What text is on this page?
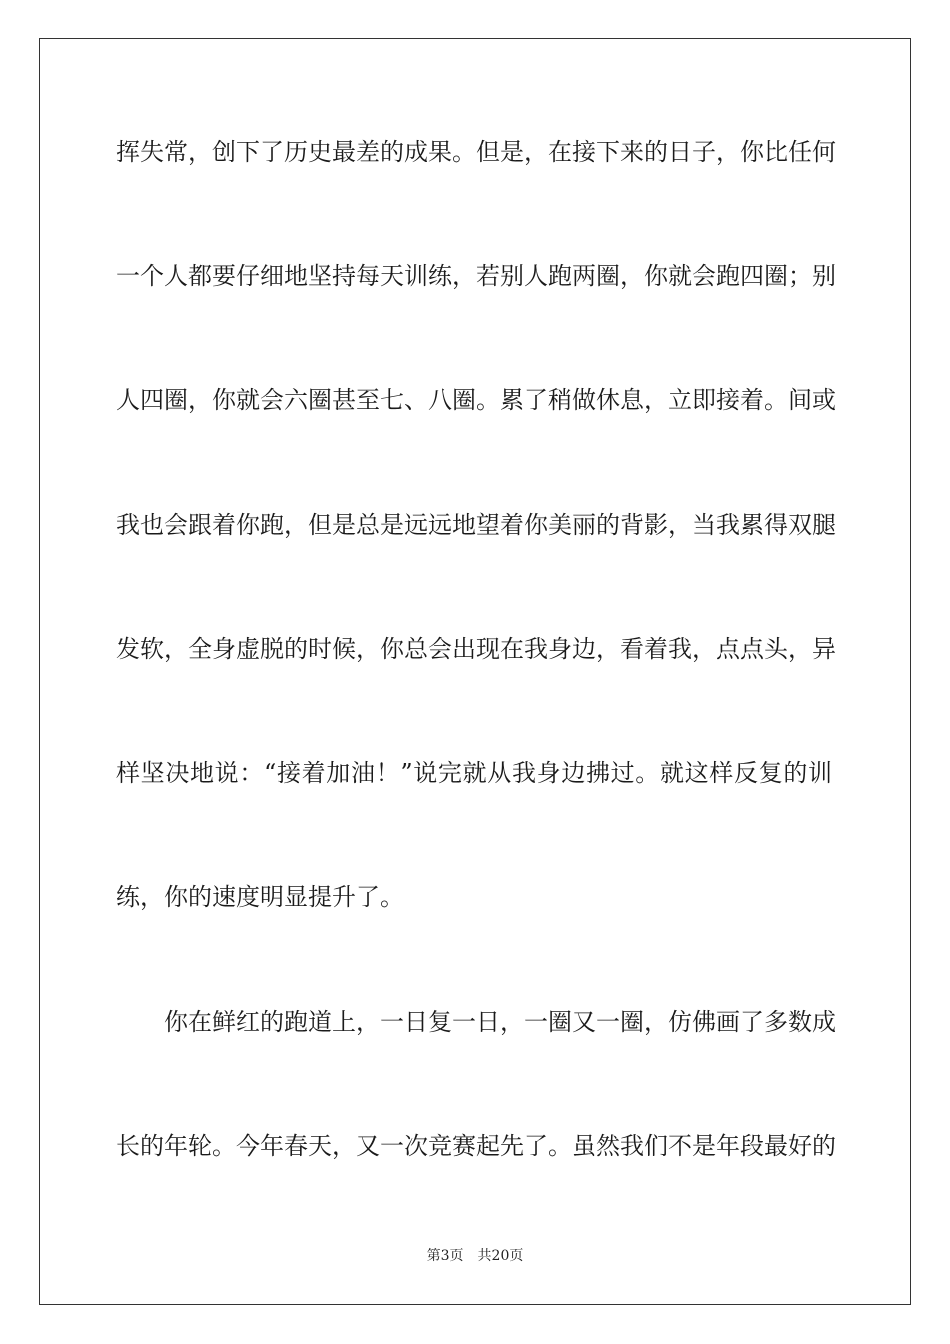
挥失常，创下了历史最差的成果。但是，在接下来的日子，你比任何
一个人都要仔细地坚持每天训练，若别人跑两圈，你就会跑四圈；别
人四圈，你就会六圈甚至七、八圈。累了稍做休息，立即接着。间或
我也会跟着你跑，但是总是远远地望着你美丽的背影，当我累得双腿
发软，全身虚脱的时候，你总会出现在我身边，看着我，点点头，异
样坚决地说：“接着加油！”说完就从我身边拂过。就这样反复的训
练，你的速度明显提升了。
你在鲜红的跑道上，一日复一日，一圈又一圈，仿佛画了多数成
长的年轮。今年春天，又一次竞赛起先了。虽然我们不是年段最好的
第3页 共20页
